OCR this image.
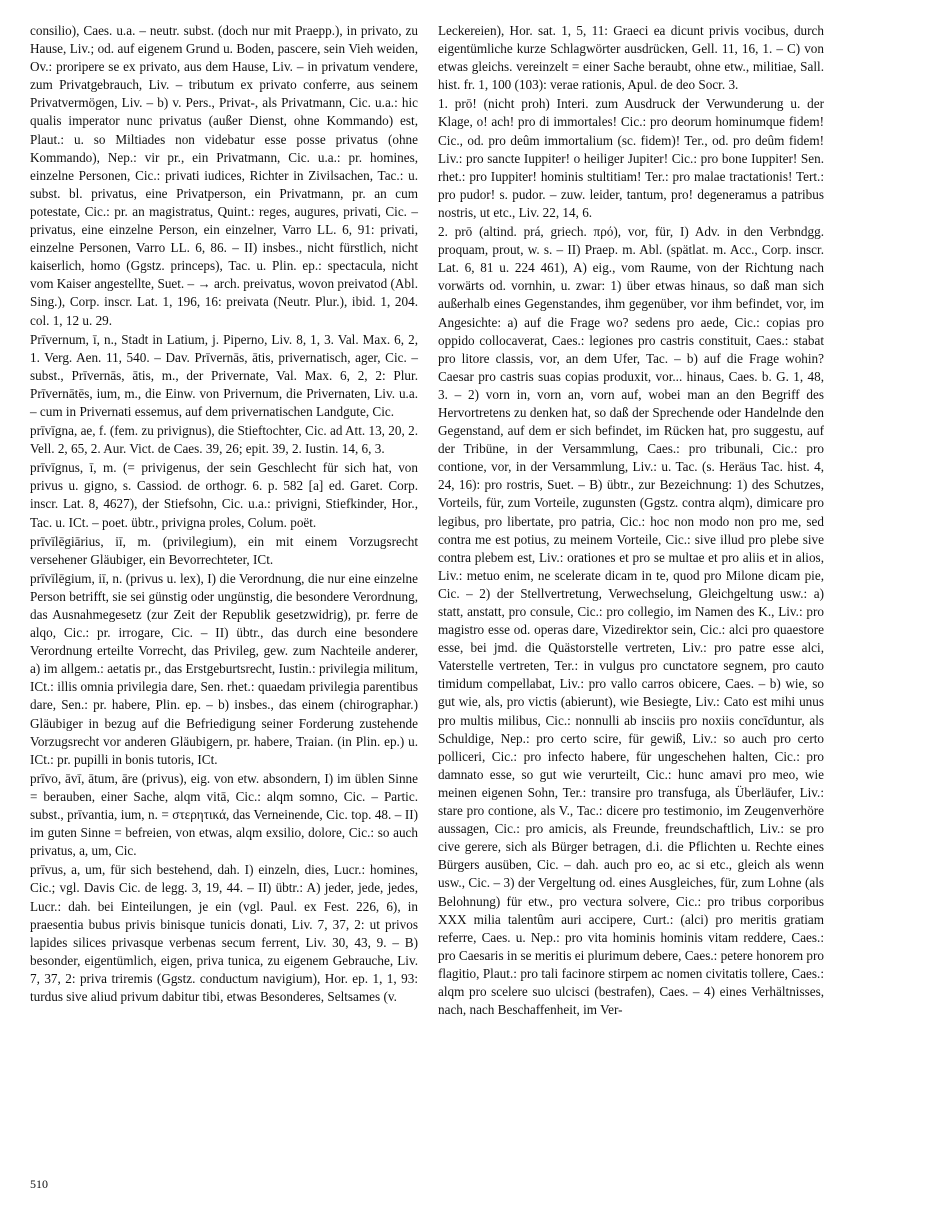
consilio), Caes. u.a. – neutr. subst. (doch nur mit Praepp.), in privato, zu Hause, Liv.; od. auf eigenem Grund u. Boden, pascere, sein Vieh weiden, Ov.: proripere se ex privato, aus dem Hause, Liv. – in privatum vendere, zum Privatgebrauch, Liv. – tributum ex privato conferre, aus seinem Privatvermögen, Liv. – b) v. Pers., Privat-, als Privatmann, Cic. u.a.: hic qualis imperator nunc privatus (außer Dienst, ohne Kommando) est, Plaut.: u. so Miltiades non videbatur esse posse privatus (ohne Kommando), Nep.: vir pr., ein Privatmann, Cic. u.a.: pr. homines, einzelne Personen, Cic.: privati iudices, Richter in Zivilsachen, Tac.: u. subst. bl. privatus, eine Privatperson, ein Privatmann, pr. an cum potestate, Cic.: pr. an magistratus, Quint.: reges, augures, privati, Cic. – privatus, eine einzelne Person, ein einzelner, Varro LL. 6, 91: privati, einzelne Personen, Varro LL. 6, 86. – II) insbes., nicht fürstlich, nicht kaiserlich, homo (Ggstz. princeps), Tac. u. Plin. ep.: spectacula, nicht vom Kaiser angestellte, Suet. – → arch. preivatus, wovon preivatod (Abl. Sing.), Corp. inscr. Lat. 1, 196, 16: preivata (Neutr. Plur.), ibid. 1, 204. col. 1, 12 u. 29.

Prīvernum, ī, n., Stadt in Latium, j. Piperno, Liv. 8, 1, 3. Val. Max. 6, 2, 1. Verg. Aen. 11, 540. – Dav. Prīvernās, ātis, privernatisch, ager, Cic. – subst., Prīvernās, ātis, m., der Privernate, Val. Max. 6, 2, 2: Plur. Prīvernātēs, ium, m., die Einw. von Privernum, die Privernaten, Liv. u.a. – cum in Privernati essemus, auf dem privernatischen Landgute, Cic.

prīvīgna, ae, f. (fem. zu privignus), die Stieftochter, Cic. ad Att. 13, 20, 2. Vell. 2, 65, 2. Aur. Vict. de Caes. 39, 26; epit. 39, 2. Iustin. 14, 6, 3.

prīvīgnus, ī, m. (= privigenus, der sein Geschlecht für sich hat, von privus u. gigno, s. Cassiod. de orthogr. 6. p. 582 [a] ed. Garet. Corp. inscr. Lat. 8, 4627), der Stiefsohn, Cic. u.a.: privigni, Stiefkinder, Hor., Tac. u. ICt. – poet. übtr., privigna proles, Colum. poët.

prīvīlēgiārius, iī, m. (privilegium), ein mit einem Vorzugsrecht versehener Gläubiger, ein Bevorrechteter, ICt.

prīvīlēgium, iī, n. (privus u. lex), I) die Verordnung, die nur eine einzelne Person betrifft, sie sei günstig oder ungünstig, die besondere Verordnung, das Ausnahmegesetz (zur Zeit der Republik gesetzwidrig), pr. ferre de alqo, Cic.: pr. irrogare, Cic. – II) übtr., das durch eine besondere Verordnung erteilte Vorrecht, das Privileg, gew. zum Nachteile anderer, a) im allgem.: aetatis pr., das Erstgeburtsrecht, Iustin.: privilegia militum, ICt.: illis omnia privilegia dare, Sen. rhet.: quaedam privilegia parentibus dare, Sen.: pr. habere, Plin. ep. – b) insbes., das einem (chirographar.) Gläubiger in bezug auf die Befriedigung seiner Forderung zustehende Vorzugsrecht vor anderen Gläubigern, pr. habere, Traian. (in Plin. ep.) u. ICt.: pr. pupilli in bonis tutoris, ICt.

prīvo, āvī, ātum, āre (privus), eig. von etw. absondern, I) im üblen Sinne = berauben, einer Sache, alqm vitā, Cic.: alqm somno, Cic. – Partic. subst., prīvantia, ium, n. = στερητικά, das Verneinende, Cic. top. 48. – II) im guten Sinne = befreien, von etwas, alqm exsilio, dolore, Cic.: so auch privatus, a, um, Cic.

prīvus, a, um, für sich bestehend, dah. I) einzeln, dies, Lucr.: homines, Cic.; vgl. Davis Cic. de legg. 3, 19, 44. – II) übtr.: A) jeder, jede, jedes, Lucr.: dah. bei Einteilungen, je ein (vgl. Paul. ex Fest. 226, 6), in praesentia bubus privis binisque tunicis donati, Liv. 7, 37, 2: ut privos lapides silices privasque verbenas secum ferrent, Liv. 30, 43, 9. – B) besonder, eigentümlich, eigen, priva tunica, zu eigenem Gebrauche, Liv. 7, 37, 2: priva triremis (Ggstz. conductum navigium), Hor. ep. 1, 1, 93: turdus sive aliud privum dabitur tibi, etwas Besonderes, Seltsames (v.

Leckereien), Hor. sat. 1, 5, 11: Graeci ea dicunt privis vocibus, durch eigentümliche kurze Schlagwörter ausdrücken, Gell. 11, 16, 1. – C) von etwas gleichs. vereinzelt = einer Sache beraubt, ohne etw., militiae, Sall. hist. fr. 1, 100 (103): verae rationis, Apul. de deo Socr. 3.

1. prō! (nicht proh) Interi. zum Ausdruck der Verwunderung u. der Klage, o! ach! pro di immortales! Cic.: pro deorum hominumque fidem! Cic., od. pro deûm immortalium (sc. fidem)! Ter., od. pro deûm fidem! Liv.: pro sancte Iuppiter! o heiliger Jupiter! Cic.: pro bone Iuppiter! Sen. rhet.: pro Iuppiter! hominis stultitiam! Ter.: pro malae tractationis! Tert.: pro pudor! s. pudor. – zuw. leider, tantum, pro! degeneramus a patribus nostris, ut etc., Liv. 22, 14, 6.

2. prō (altind. prá, griech. πρό), vor, für, I) Adv. in den Verbndgg. proquam, prout, w. s. – II) Praep. m. Abl. (spätlat. m. Acc., Corp. inscr. Lat. 6, 81 u. 224 461), A) eig., vom Raume, von der Richtung nach vorwärts od. vornhin, u. zwar: 1) über etwas hinaus, so daß man sich außerhalb eines Gegenstandes, ihm gegenüber, vor ihm befindet, vor, im Angesichte: a) auf die Frage wo? sedens pro aede, Cic.: copias pro oppido collocaverat, Caes.: legiones pro castris constituit, Caes.: stabat pro litore classis, vor, an dem Ufer, Tac. – b) auf die Frage wohin? Caesar pro castris suas copias produxit, vor... hinaus, Caes. b. G. 1, 48, 3. – 2) vorn in, vorn an, vorn auf, wobei man an den Begriff des Hervortretens zu denken hat, so daß der Sprechende oder Handelnde den Gegenstand, auf dem er sich befindet, im Rücken hat, pro suggestu, auf der Tribüne, in der Versammlung, Caes.: pro tribunali, Cic.: pro contione, vor, in der Versammlung, Liv.: u. Tac. (s. Heräus Tac. hist. 4, 24, 16): pro rostris, Suet. – B) übtr., zur Bezeichnung: 1) des Schutzes, Vorteils, für, zum Vorteile, zugunsten (Ggstz. contra alqm), dimicare pro legibus, pro libertate, pro patria, Cic.: hoc non modo non pro me, sed contra me est potius, zu meinem Vorteile, Cic.: sive illud pro plebe sive contra plebem est, Liv.: orationes et pro se multae et pro aliis et in alios, Liv.: metuo enim, ne scelerate dicam in te, quod pro Milone dicam pie, Cic. – 2) der Stellvertretung, Verwechselung, Gleichgeltung usw.: a) statt, anstatt, pro consule, Cic.: pro collegio, im Namen des K., Liv.: pro magistro esse od. operas dare, Vizedirektor sein, Cic.: alci pro quaestore esse, bei jmd. die Quästorstelle vertreten, Liv.: pro patre esse alci, Vaterstelle vertreten, Ter.: in vulgus pro cunctatore segnem, pro cauto timidum compellabat, Liv.: pro vallo carros obicere, Caes. – b) wie, so gut wie, als, pro victis (abierunt), wie Besiegte, Liv.: Cato est mihi unus pro multis milibus, Cic.: nonnulli ab insciis pro noxiis concīduntur, als Schuldige, Nep.: pro certo scire, für gewiß, Liv.: so auch pro certo polliceri, Cic.: pro infecto habere, für ungeschehen halten, Cic.: pro damnato esse, so gut wie verurteilt, Cic.: hunc amavi pro meo, wie meinen eigenen Sohn, Ter.: transire pro transfuga, als Überläufer, Liv.: stare pro contione, als V., Tac.: dicere pro testimonio, im Zeugenverhöre aussagen, Cic.: pro amicis, als Freunde, freundschaftlich, Liv.: se pro cive gerere, sich als Bürger betragen, d.i. die Pflichten u. Rechte eines Bürgers ausüben, Cic. – dah. auch pro eo, ac si etc., gleich als wenn usw., Cic. – 3) der Vergeltung od. eines Ausgleiches, für, zum Lohne (als Belohnung) für etw., pro vectura solvere, Cic.: pro tribus corporibus XXX milia talentûm auri accipere, Curt.: (alci) pro meritis gratiam referre, Caes. u. Nep.: pro vita hominis hominis vitam reddere, Caes.: pro Caesaris in se meritis ei plurimum debere, Caes.: petere honorem pro flagitio, Plaut.: pro tali facinore stirpem ac nomen civitatis tollere, Caes.: alqm pro scelere suo ulcisci (bestrafen), Caes. – 4) eines Verhältnisses, nach, nach Beschaffenheit, im Ver-

510
